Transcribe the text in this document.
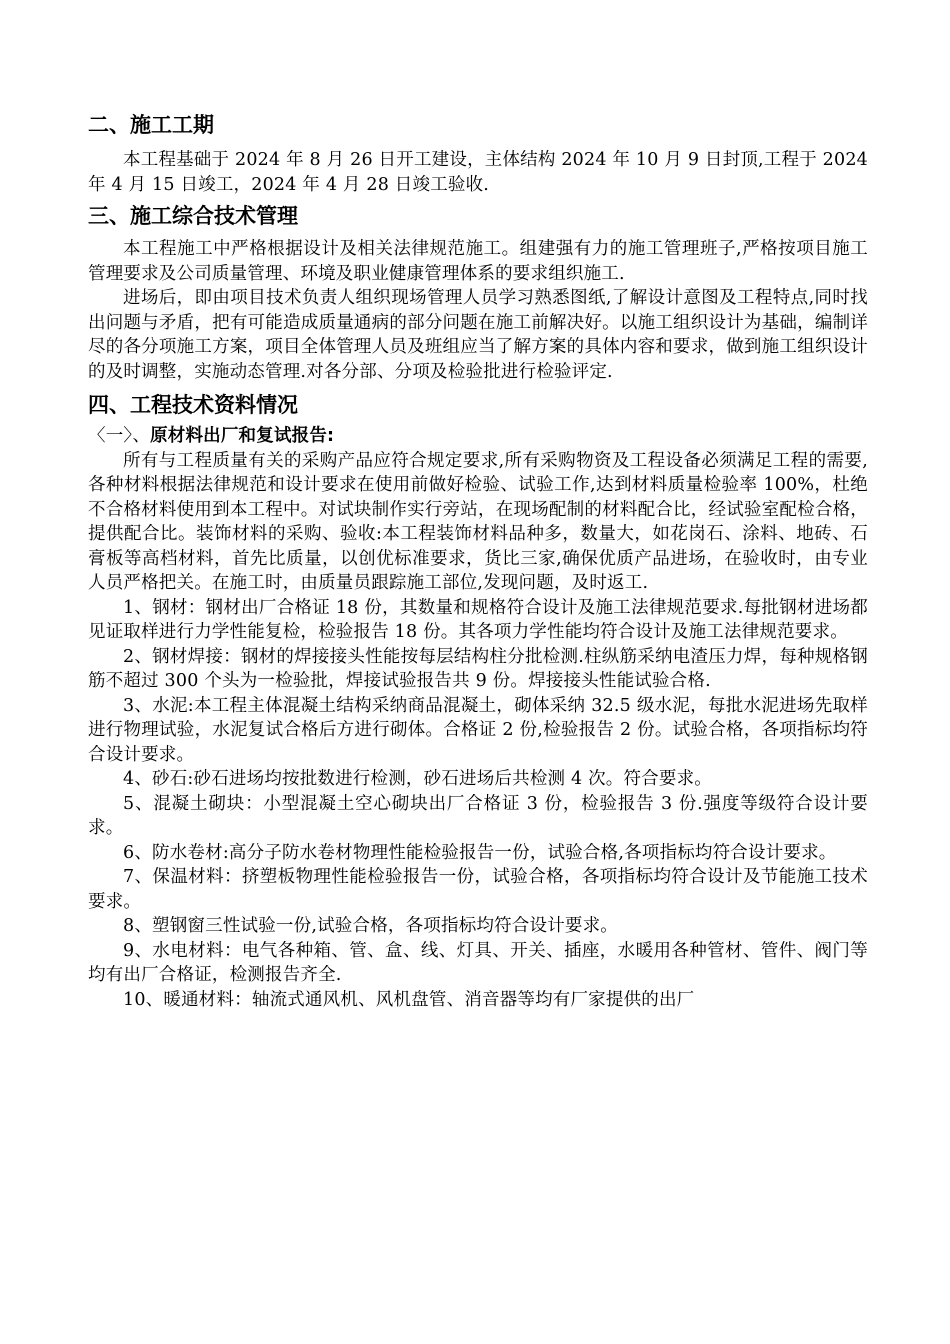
二、施工工期

本工程基础于 2024 年 8 月 26 日开工建设，主体结构 2024 年 10 月 9 日封顶,工程于 2024 年 4 月 15 日竣工，2024 年 4 月 28 日竣工验收.

三、施工综合技术管理

本工程施工中严格根据设计及相关法律规范施工。组建强有力的施工管理班子,严格按项目施工管理要求及公司质量管理、环境及职业健康管理体系的要求组织施工.

进场后，即由项目技术负责人组织现场管理人员学习熟悉图纸,了解设计意图及工程特点,同时找出问题与矛盾，把有可能造成质量通病的部分问题在施工前解决好。以施工组织设计为基础，编制详尽的各分项施工方案，项目全体管理人员及班组应当了解方案的具体内容和要求，做到施工组织设计的及时调整，实施动态管理.对各分部、分项及检验批进行检验评定.

四、工程技术资料情况

〈一〉、原材料出厂和复试报告:

所有与工程质量有关的采购产品应符合规定要求,所有采购物资及工程设备必须满足工程的需要,各种材料根据法律规范和设计要求在使用前做好检验、试验工作,达到材料质量检验率 100%，杜绝不合格材料使用到本工程中。对试块制作实行旁站，在现场配制的材料配合比，经试验室配检合格，提供配合比。装饰材料的采购、验收:本工程装饰材料品种多，数量大，如花岗石、涂料、地砖、石膏板等高档材料，首先比质量，以创优标准要求，货比三家,确保优质产品进场，在验收时，由专业人员严格把关。在施工时，由质量员跟踪施工部位,发现问题，及时返工.

1、钢材：钢材出厂合格证 18 份，其数量和规格符合设计及施工法律规范要求.每批钢材进场都见证取样进行力学性能复检，检验报告 18 份。其各项力学性能均符合设计及施工法律规范要求。

2、钢材焊接：钢材的焊接接头性能按每层结构柱分批检测.柱纵筋采纳电渣压力焊，每种规格钢筋不超过 300 个头为一检验批，焊接试验报告共 9 份。焊接接头性能试验合格.

3、水泥:本工程主体混凝土结构采纳商品混凝土，砌体采纳 32.5 级水泥，每批水泥进场先取样进行物理试验，水泥复试合格后方进行砌体。合格证 2 份,检验报告 2 份。试验合格，各项指标均符合设计要求。

4、砂石:砂石进场均按批数进行检测，砂石进场后共检测 4 次。符合要求。

5、混凝土砌块：小型混凝土空心砌块出厂合格证 3 份，检验报告 3 份.强度等级符合设计要求。

6、防水卷材:高分子防水卷材物理性能检验报告一份，试验合格,各项指标均符合设计要求。

7、保温材料：挤塑板物理性能检验报告一份，试验合格，各项指标均符合设计及节能施工技术要求。

8、塑钢窗三性试验一份,试验合格，各项指标均符合设计要求。

9、水电材料：电气各种箱、管、盒、线、灯具、开关、插座，水暖用各种管材、管件、阀门等均有出厂合格证，检测报告齐全.

10、暖通材料：轴流式通风机、风机盘管、消音器等均有厂家提供的出厂
